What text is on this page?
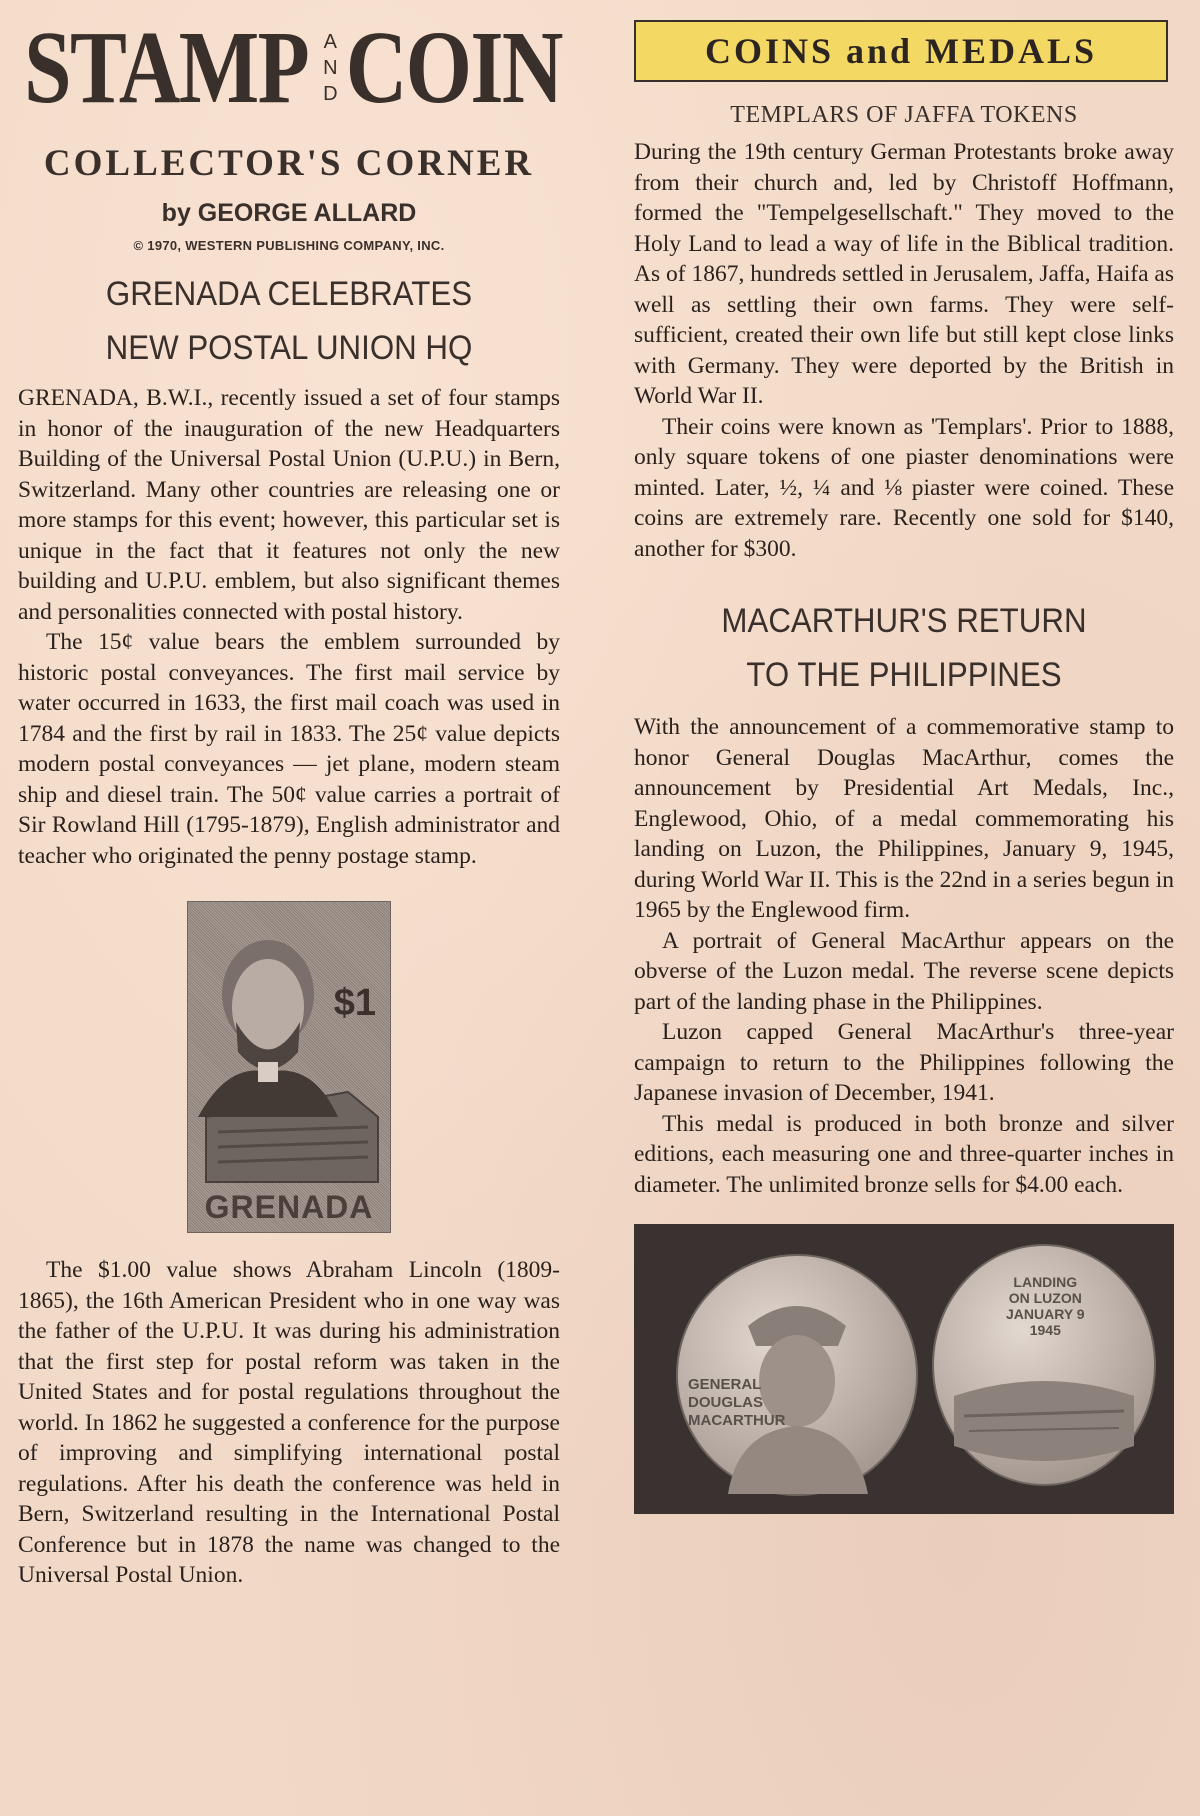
STAMP A
N
D COIN
COLLECTOR'S CORNER
by GEORGE ALLARD
© 1970, WESTERN PUBLISHING COMPANY, INC.
GRENADA CELEBRATES
NEW POSTAL UNION HQ

GRENADA, B.W.I., recently issued a set of four stamps in honor of the inauguration of the new Headquarters Building of the Universal Postal Union (U.P.U.) in Bern, Switzerland. Many other countries are releasing one or more stamps for this event; however, this particular set is unique in the fact that it features not only the new building and U.P.U. emblem, but also significant themes and personalities connected with postal history.

The 15¢ value bears the emblem surrounded by historic postal conveyances. The first mail service by water occurred in 1633, the first mail coach was used in 1784 and the first by rail in 1833. The 25¢ value depicts modern postal conveyances — jet plane, modern steam ship and diesel train. The 50¢ value carries a portrait of Sir Rowland Hill (1795-1879), English administrator and teacher who originated the penny postage stamp.

$1
GRENADA

The $1.00 value shows Abraham Lincoln (1809-1865), the 16th American President who in one way was the father of the U.P.U. It was during his administration that the first step for postal reform was taken in the United States and for postal regulations throughout the world. In 1862 he suggested a conference for the purpose of improving and simplifying international postal regulations. After his death the conference was held in Bern, Switzerland resulting in the International Postal Conference but in 1878 the name was changed to the Universal Postal Union.

COINS and MEDALS
TEMPLARS OF JAFFA TOKENS

During the 19th century German Protestants broke away from their church and, led by Christoff Hoffmann, formed the "Tempelgesellschaft." They moved to the Holy Land to lead a way of life in the Biblical tradition. As of 1867, hundreds settled in Jerusalem, Jaffa, Haifa as well as settling their own farms. They were self-sufficient, created their own life but still kept close links with Germany. They were deported by the British in World War II.

Their coins were known as 'Templars'. Prior to 1888, only square tokens of one piaster denominations were minted. Later, ½, ¼ and ⅛ piaster were coined. These coins are extremely rare. Recently one sold for $140, another for $300.

MACARTHUR'S RETURN
TO THE PHILIPPINES

With the announcement of a commemorative stamp to honor General Douglas MacArthur, comes the announcement by Presidential Art Medals, Inc., Englewood, Ohio, of a medal commemorating his landing on Luzon, the Philippines, January 9, 1945, during World War II. This is the 22nd in a series begun in 1965 by the Englewood firm.

A portrait of General MacArthur appears on the obverse of the Luzon medal. The reverse scene depicts part of the landing phase in the Philippines.

Luzon capped General MacArthur's three-year campaign to return to the Philippines following the Japanese invasion of December, 1941.

This medal is produced in both bronze and silver editions, each measuring one and three-quarter inches in diameter. The unlimited bronze sells for $4.00 each.

GENERAL
DOUGLAS
MACARTHUR
LANDING
ON LUZON
JANUARY 9
1945
